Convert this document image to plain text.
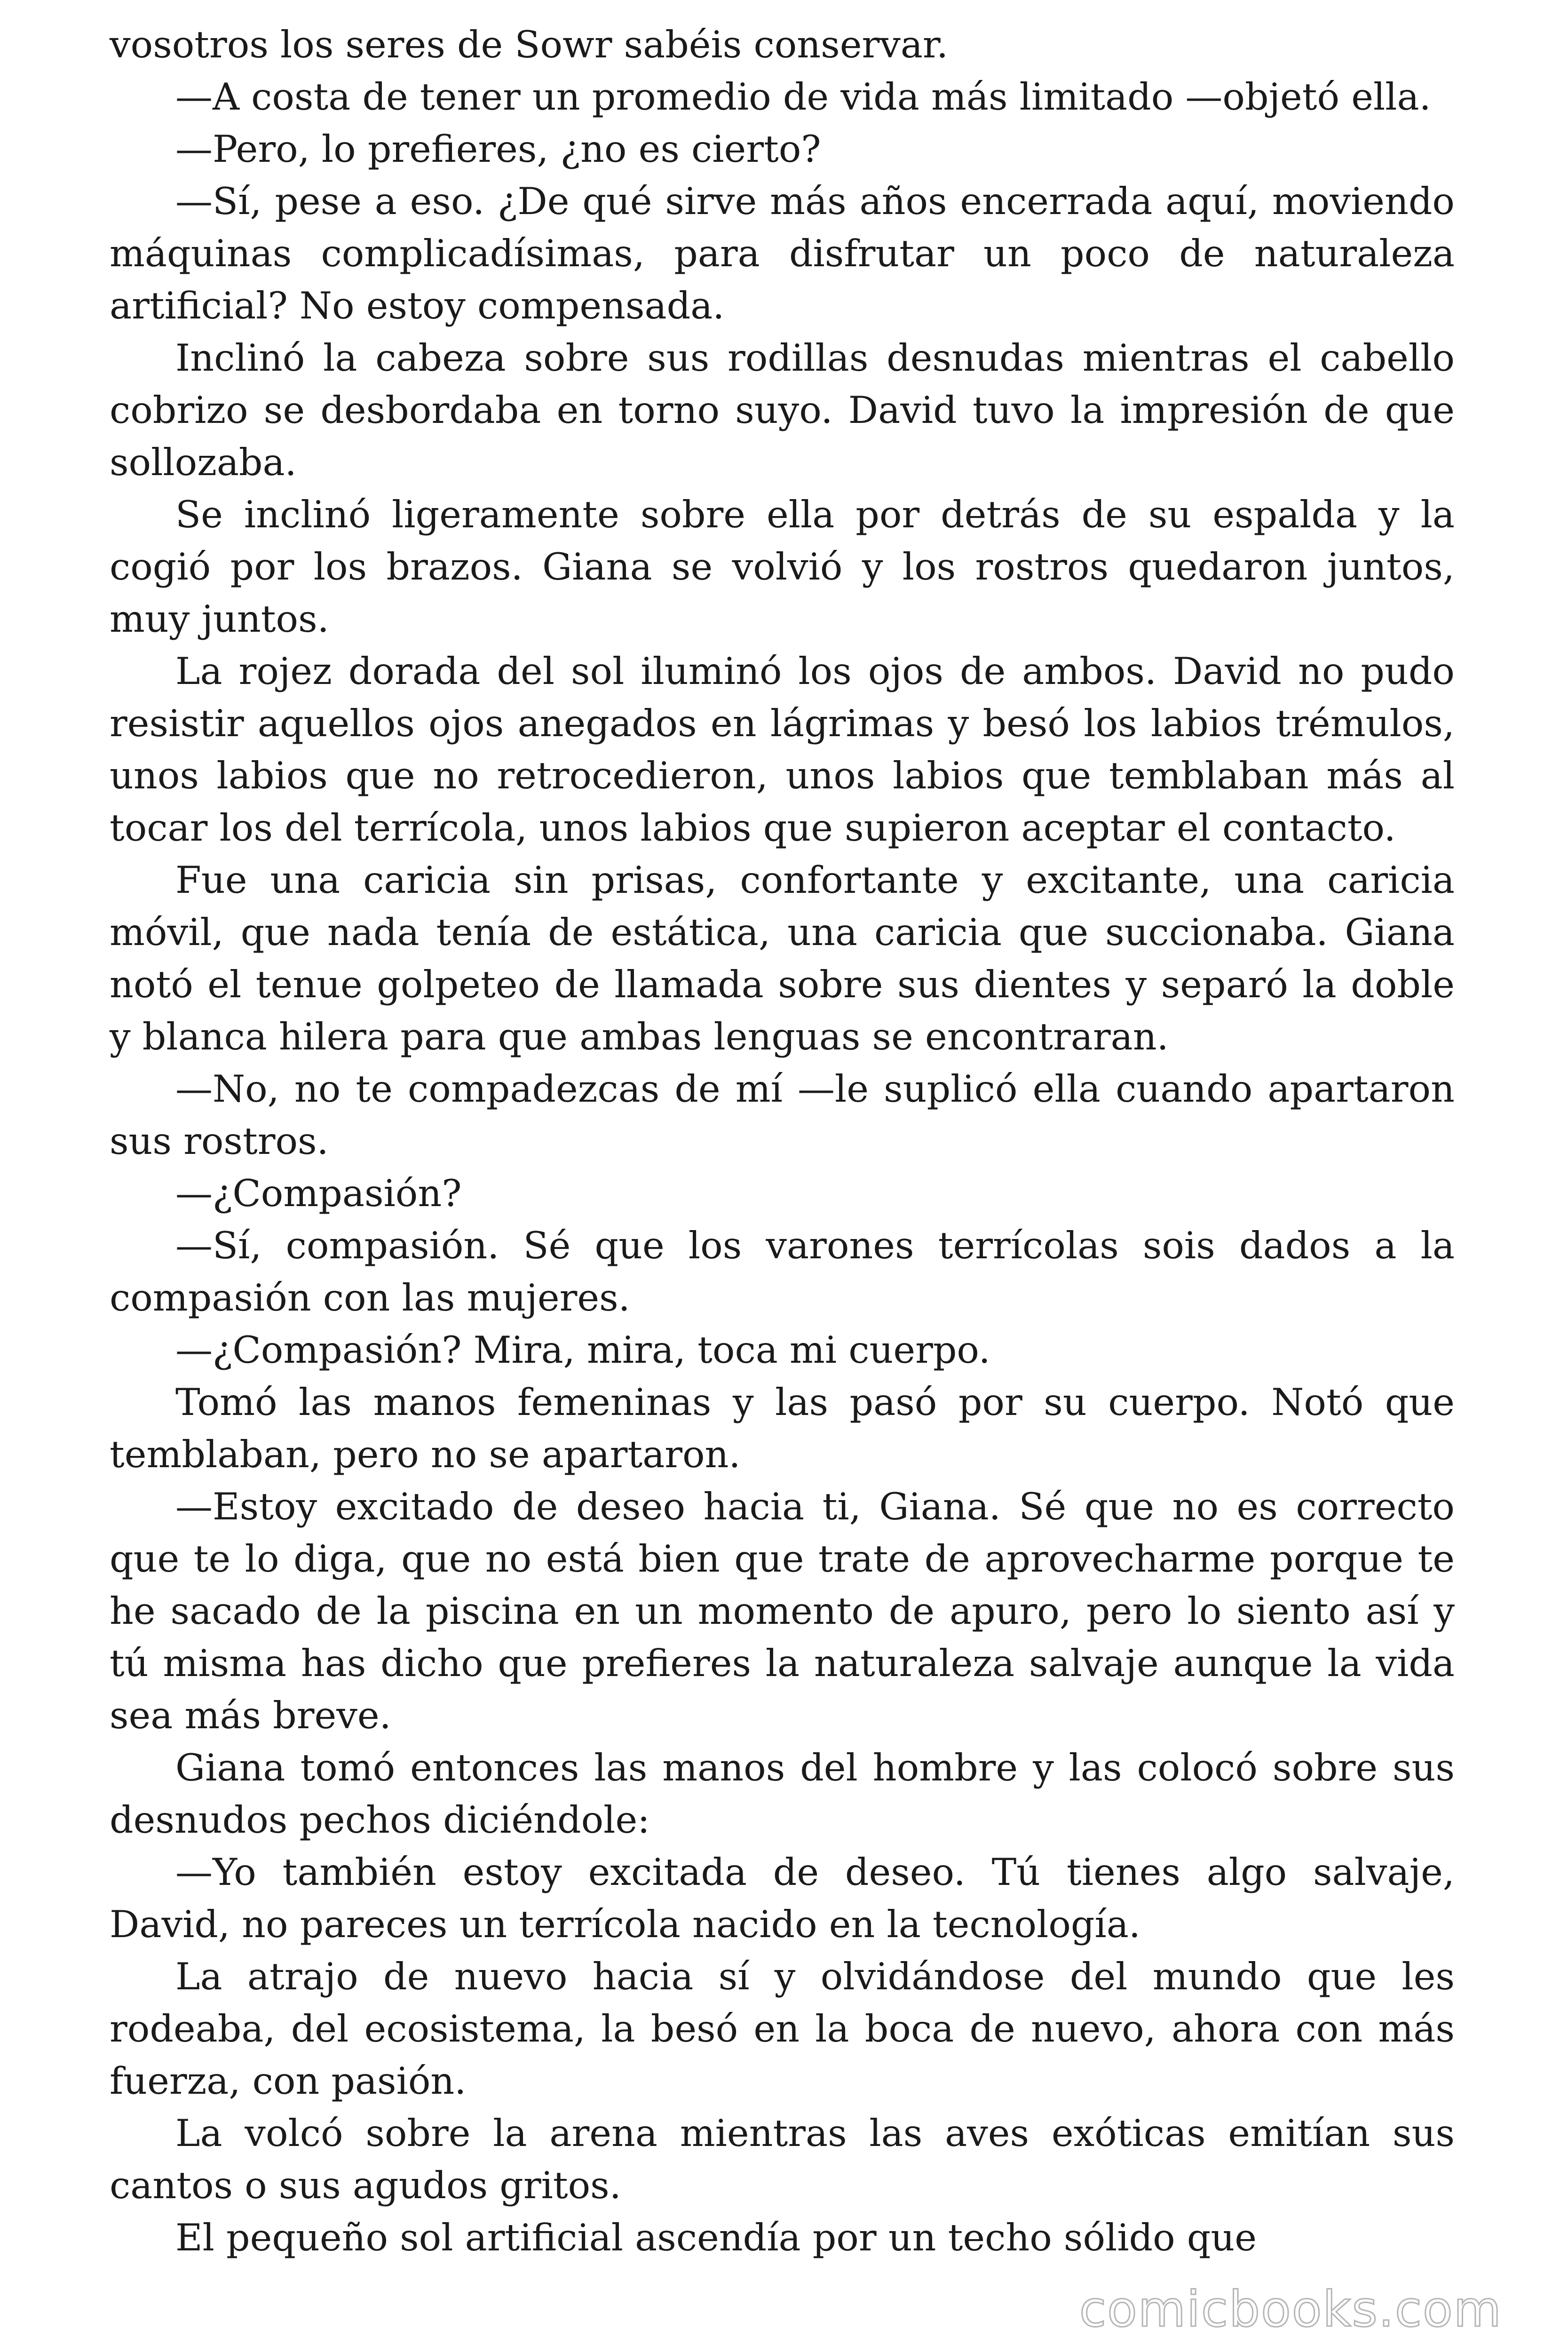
vosotros los seres de Sowr sabéis conservar.

—A costa de tener un promedio de vida más limitado —objetó ella.

—Pero, lo prefieres, ¿no es cierto?

—Sí, pese a eso. ¿De qué sirve más años encerrada aquí, moviendo máquinas complicadísimas, para disfrutar un poco de naturaleza artificial? No estoy compensada.

Inclinó la cabeza sobre sus rodillas desnudas mientras el cabello cobrizo se desbordaba en torno suyo. David tuvo la impresión de que sollozaba.

Se inclinó ligeramente sobre ella por detrás de su espalda y la cogió por los brazos. Giana se volvió y los rostros quedaron juntos, muy juntos.

La rojez dorada del sol iluminó los ojos de ambos. David no pudo resistir aquellos ojos anegados en lágrimas y besó los labios trémulos, unos labios que no retrocedieron, unos labios que temblaban más al tocar los del terrícola, unos labios que supieron aceptar el contacto.

Fue una caricia sin prisas, confortante y excitante, una caricia móvil, que nada tenía de estática, una caricia que succionaba. Giana notó el tenue golpeteo de llamada sobre sus dientes y separó la doble y blanca hilera para que ambas lenguas se encontraran.

—No, no te compadezcas de mí —le suplicó ella cuando apartaron sus rostros.

—¿Compasión?

—Sí, compasión. Sé que los varones terrícolas sois dados a la compasión con las mujeres.

—¿Compasión? Mira, mira, toca mi cuerpo.

Tomó las manos femeninas y las pasó por su cuerpo. Notó que temblaban, pero no se apartaron.

—Estoy excitado de deseo hacia ti, Giana. Sé que no es correcto que te lo diga, que no está bien que trate de aprovecharme porque te he sacado de la piscina en un momento de apuro, pero lo siento así y tú misma has dicho que prefieres la naturaleza salvaje aunque la vida sea más breve.

Giana tomó entonces las manos del hombre y las colocó sobre sus desnudos pechos diciéndole:

—Yo también estoy excitada de deseo. Tú tienes algo salvaje, David, no pareces un terrícola nacido en la tecnología.

La atrajo de nuevo hacia sí y olvidándose del mundo que les rodeaba, del ecosistema, la besó en la boca de nuevo, ahora con más fuerza, con pasión.

La volcó sobre la arena mientras las aves exóticas emitían sus cantos o sus agudos gritos.

El pequeño sol artificial ascendía por un techo sólido que

comicbooks.com
